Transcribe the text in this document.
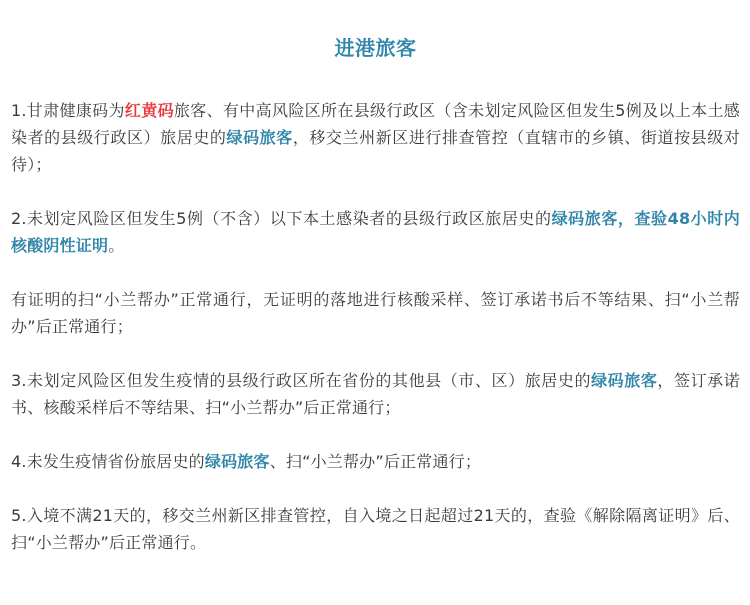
进港旅客

1.甘肃健康码为红黄码旅客、有中高风险区所在县级行政区（含未划定风险区但发生5例及以上本土感染者的县级行政区）旅居史的绿码旅客，移交兰州新区进行排查管控（直辖市的乡镇、街道按县级对待）；

2.未划定风险区但发生5例（不含）以下本土感染者的县级行政区旅居史的绿码旅客，查验48小时内核酸阴性证明。

有证明的扫“小兰帮办”正常通行，无证明的落地进行核酸采样、签订承诺书后不等结果、扫“小兰帮办”后正常通行；

3.未划定风险区但发生疫情的县级行政区所在省份的其他县（市、区）旅居史的绿码旅客，签订承诺书、核酸采样后不等结果、扫“小兰帮办”后正常通行；

4.未发生疫情省份旅居史的绿码旅客、扫“小兰帮办”后正常通行；

5.入境不满21天的，移交兰州新区排查管控，自入境之日起超过21天的，查验《解除隔离证明》后、扫“小兰帮办”后正常通行。
